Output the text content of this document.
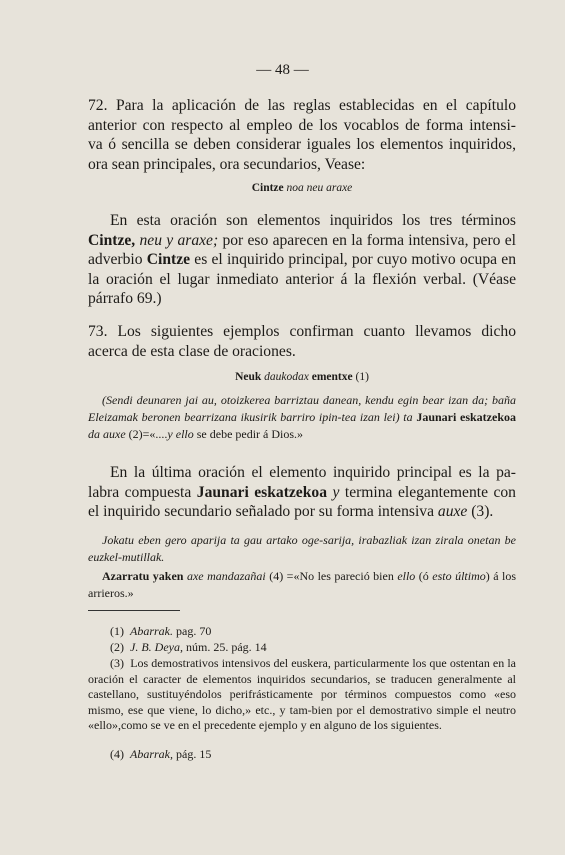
— 48 —

72. Para la aplicación de las reglas establecidas en el capítulo

anterior con respecto al empleo de los vocablos de forma intensi-

va ó sencilla se deben considerar iguales los elementos inquiridos,

ora sean principales, ora secundarios, Vease:

Cintze noa neu araxe

En esta oración son elementos inquiridos los tres términos Cintze, neu y araxe; por eso aparecen en la forma intensiva, pero el adverbio Cintze es el inquirido principal, por cuyo motivo ocupa en la oración el lugar inmediato anterior á la flexión verbal. (Véase párrafo 69.)

73. Los siguientes ejemplos confirman cuanto llevamos dicho acerca de esta clase de oraciones.

Neuk daukodax ementxe (1)

(Sendi deunaren jai au, otoizkerea barriztau danean, kendu egin bear izan da; baña Eleizamak beronen bearrizana ikusirik barriro ipin-tea izan lei) ta Jaunari eskatzekoa da auxe (2)=«....y ello se debe pedir á Dios.»

En la última oración el elemento inquirido principal es la pa-labra compuesta Jaunari eskatzekoa y termina elegantemente con el inquirido secundario señalado por su forma intensiva auxe (3).

Jokatu eben gero aparija ta gau artako oge-sarija, irabazliak izan zirala onetan be euzkel-mutillak.

Azarratu yaken axe mandazañai (4) =«No les pareció bien ello (ó esto último) á los arrieros.»

(1) Abarrak. pag. 70
(2) J. B. Deya, núm. 25. pág. 14
(3) Los demostrativos intensivos del euskera, particularmente los que ostentan en la oración el caracter de elementos inquiridos secundarios, se traducen generalmente al castellano, sustituyéndolos perifrásticamente por términos compuestos como «eso mismo, ese que viene, lo dicho,» etc., y tam-bien por el demostrativo simple el neutro «ello»,como se ve en el precedente ejemplo y en alguno de los siguientes.
(4) Abarrak, pág. 15
